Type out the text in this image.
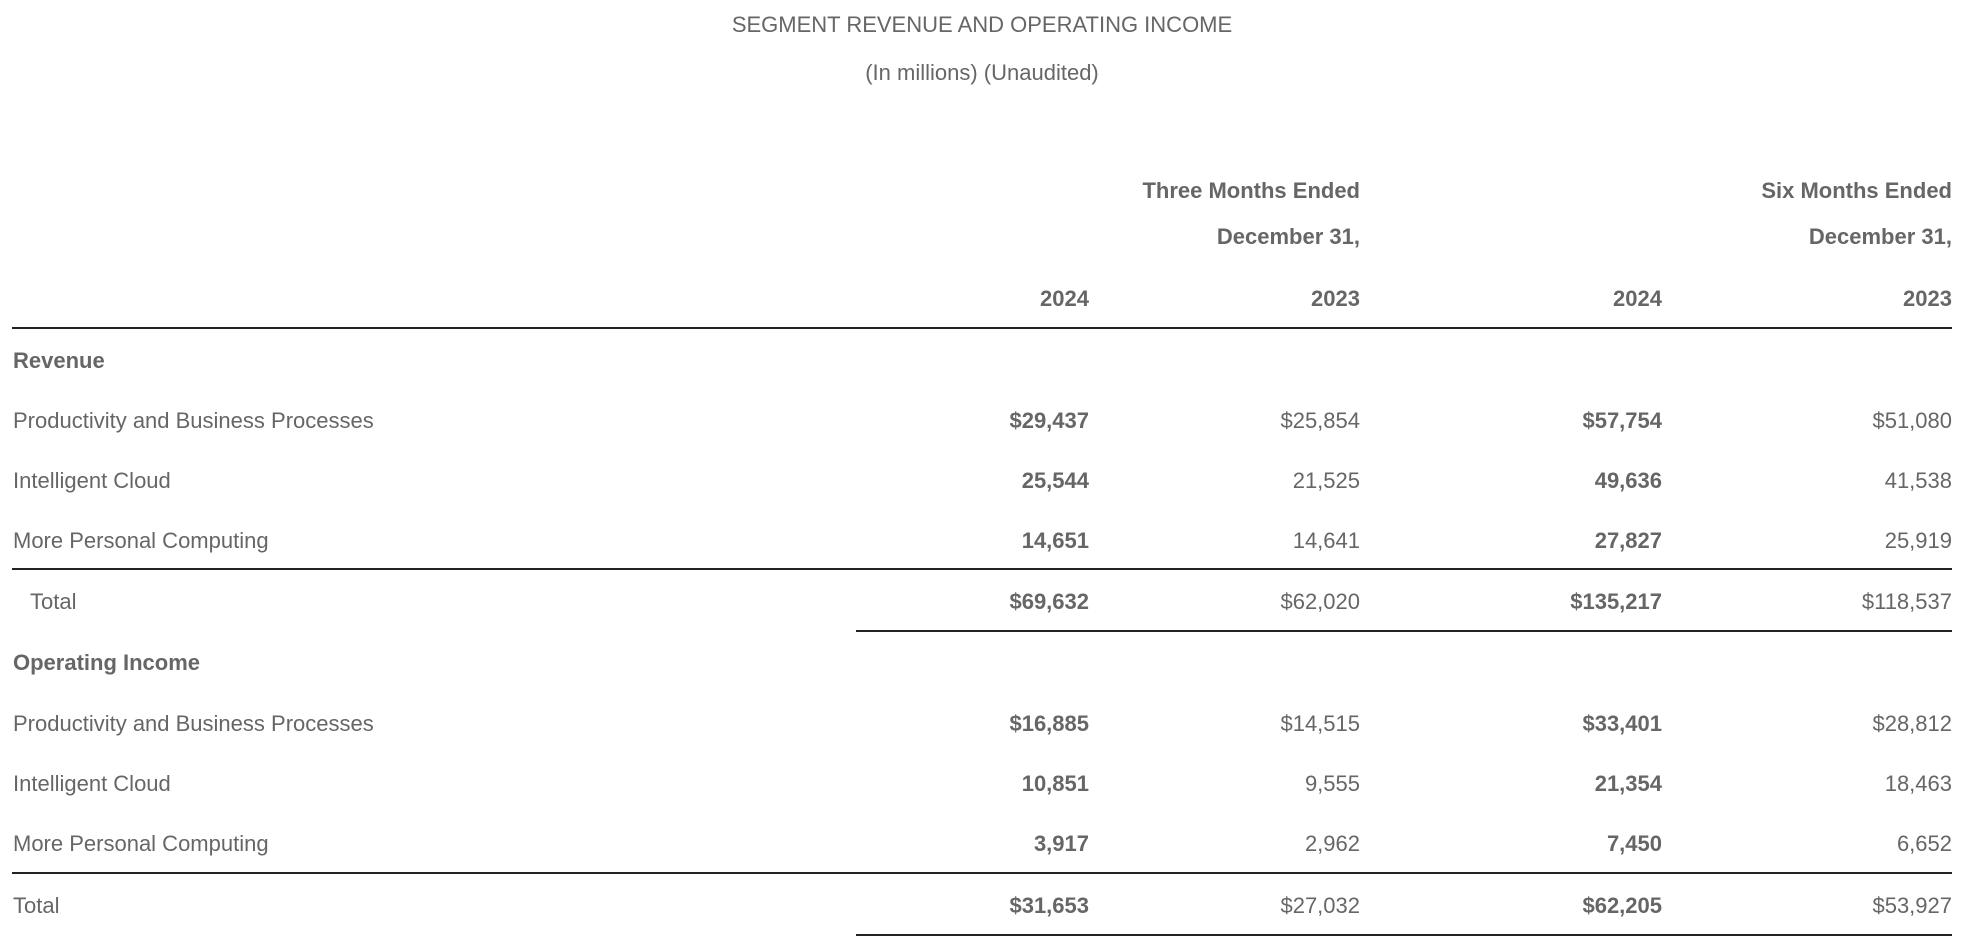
SEGMENT REVENUE AND OPERATING INCOME
(In millions) (Unaudited)
Three Months Ended	Six Months Ended
December 31,	December 31,
2024	2023	2024	2023
Revenue
Productivity and Business Processes	$29,437	$25,854	$57,754	$51,080
Intelligent Cloud	25,544	21,525	49,636	41,538
More Personal Computing	14,651	14,641	27,827	25,919
Total	$69,632	$62,020	$135,217	$118,537
Operating Income
Productivity and Business Processes	$16,885	$14,515	$33,401	$28,812
Intelligent Cloud	10,851	9,555	21,354	18,463
More Personal Computing	3,917	2,962	7,450	6,652
Total	$31,653	$27,032	$62,205	$53,927
